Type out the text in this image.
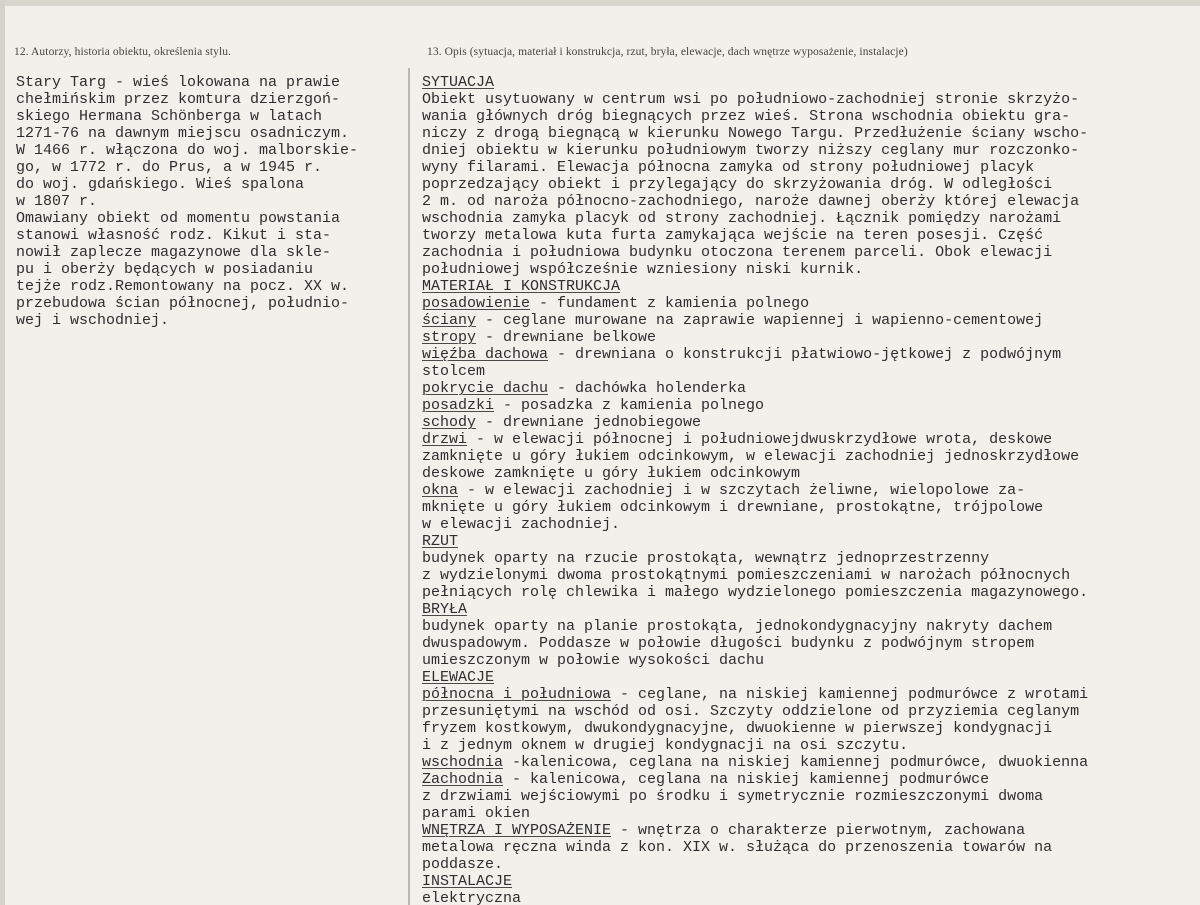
12. Autorzy, historia obiektu, określenia stylu.	13. Opis (sytuacja, materiał i konstrukcja, rzut, bryła, elewacje, dach wnętrze wyposażenie, instalacje)
Stary Targ - wieś lokowana na prawie
chełmińskim przez komtura dzierzgoń-
skiego Hermana Schönberga w latach
1271-76 na dawnym miejscu osadniczym.
W 1466 r. włączona do woj. malborskie-
go, w 1772 r. do Prus, a w 1945 r.
do woj. gdańskiego. Wieś spalona
w 1807 r.
Omawiany obiekt od momentu powstania
stanowi własność rodz. Kikut i sta-
nowił zaplecze magazynowe dla skle-
pu i oberży będących w posiadaniu
tejże rodz.Remontowany na pocz. XX w.
przebudowa ścian północnej, południo-
wej i wschodniej.
SYTUACJA
Obiekt usytuowany w centrum wsi po południowo-zachodniej stronie skrzyżo-
wania głównych dróg biegnących przez wieś. Strona wschodnia obiektu gra-
niczy z drogą biegnącą w kierunku Nowego Targu. Przedłużenie ściany wscho-
dniej obiektu w kierunku południowym tworzy niższy ceglany mur rozczonko-
wyny filarami. Elewacja północna zamyka od strony południowej placyk
poprzedzający obiekt i przylegający do skrzyżowania dróg. W odległości
2 m. od naroża północno-zachodniego, naroże dawnej oberży której elewacja
wschodnia zamyka placyk od strony zachodniej. Łącznik pomiędzy narożami
tworzy metalowa kuta furta zamykająca wejście na teren posesji. Część
zachodnia i południowa budynku otoczona terenem parceli. Obok elewacji
południowej współcześnie wzniesiony niski kurnik.
MATERIAŁ I KONSTRUKCJA
posadowienie - fundament z kamienia polnego
ściany - ceglane murowane na zaprawie wapiennej i wapienno-cementowej
stropy - drewniane belkowe
więźba dachowa - drewniana o konstrukcji płatwiowo-jętkowej z podwójnym
stolcem
pokrycie dachu - dachówka holenderka
posadzki - posadzka z kamienia polnego
schody - drewniane jednobiegowe
drzwi - w elewacji północnej i południowejdwuskrzydłowe wrota, deskowe
zamknięte u góry łukiem odcinkowym, w elewacji zachodniej jednoskrzydłowe
deskowe zamknięte u góry łukiem odcinkowym
okna - w elewacji zachodniej i w szczytach żeliwne, wielopolowe za-
mknięte u góry łukiem odcinkowym i drewniane, prostokątne, trójpolowe
w elewacji zachodniej.
RZUT
budynek oparty na rzucie prostokąta, wewnątrz jednoprzestrzenny
z wydzielonymi dwoma prostokątnymi pomieszczeniami w narożach północnych
pełniących rolę chlewika i małego wydzielonego pomieszczenia magazynowego.
BRYŁA
budynek oparty na planie prostokąta, jednokondygnacyjny nakryty dachem
dwuspadowym. Poddasze w połowie długości budynku z podwójnym stropem
umieszczonym w połowie wysokości dachu
ELEWACJE
północna i południowa - ceglane, na niskiej kamiennej podmurówce z wrotami
przesuniętymi na wschód od osi. Szczyty oddzielone od przyziemia ceglanym
fryzem kostkowym, dwukondygnacyjne, dwuokienne w pierwszej kondygnacji
i z jednym oknem w drugiej kondygnacji na osi szczytu.
wschodnia -kalenicowa, ceglana na niskiej kamiennej podmurówce, dwuokienna
Zachodnia - kalenicowa, ceglana na niskiej kamiennej podmurówce
z drzwiami wejściowymi po środku i symetrycznie rozmieszczonymi dwoma
parami okien
WNĘTRZA I WYPOSAŻENIE - wnętrza o charakterze pierwotnym, zachowana
metalowa ręczna winda z kon. XIX w. służąca do przenoszenia towarów na
poddasze.
INSTALACJE
elektryczna
